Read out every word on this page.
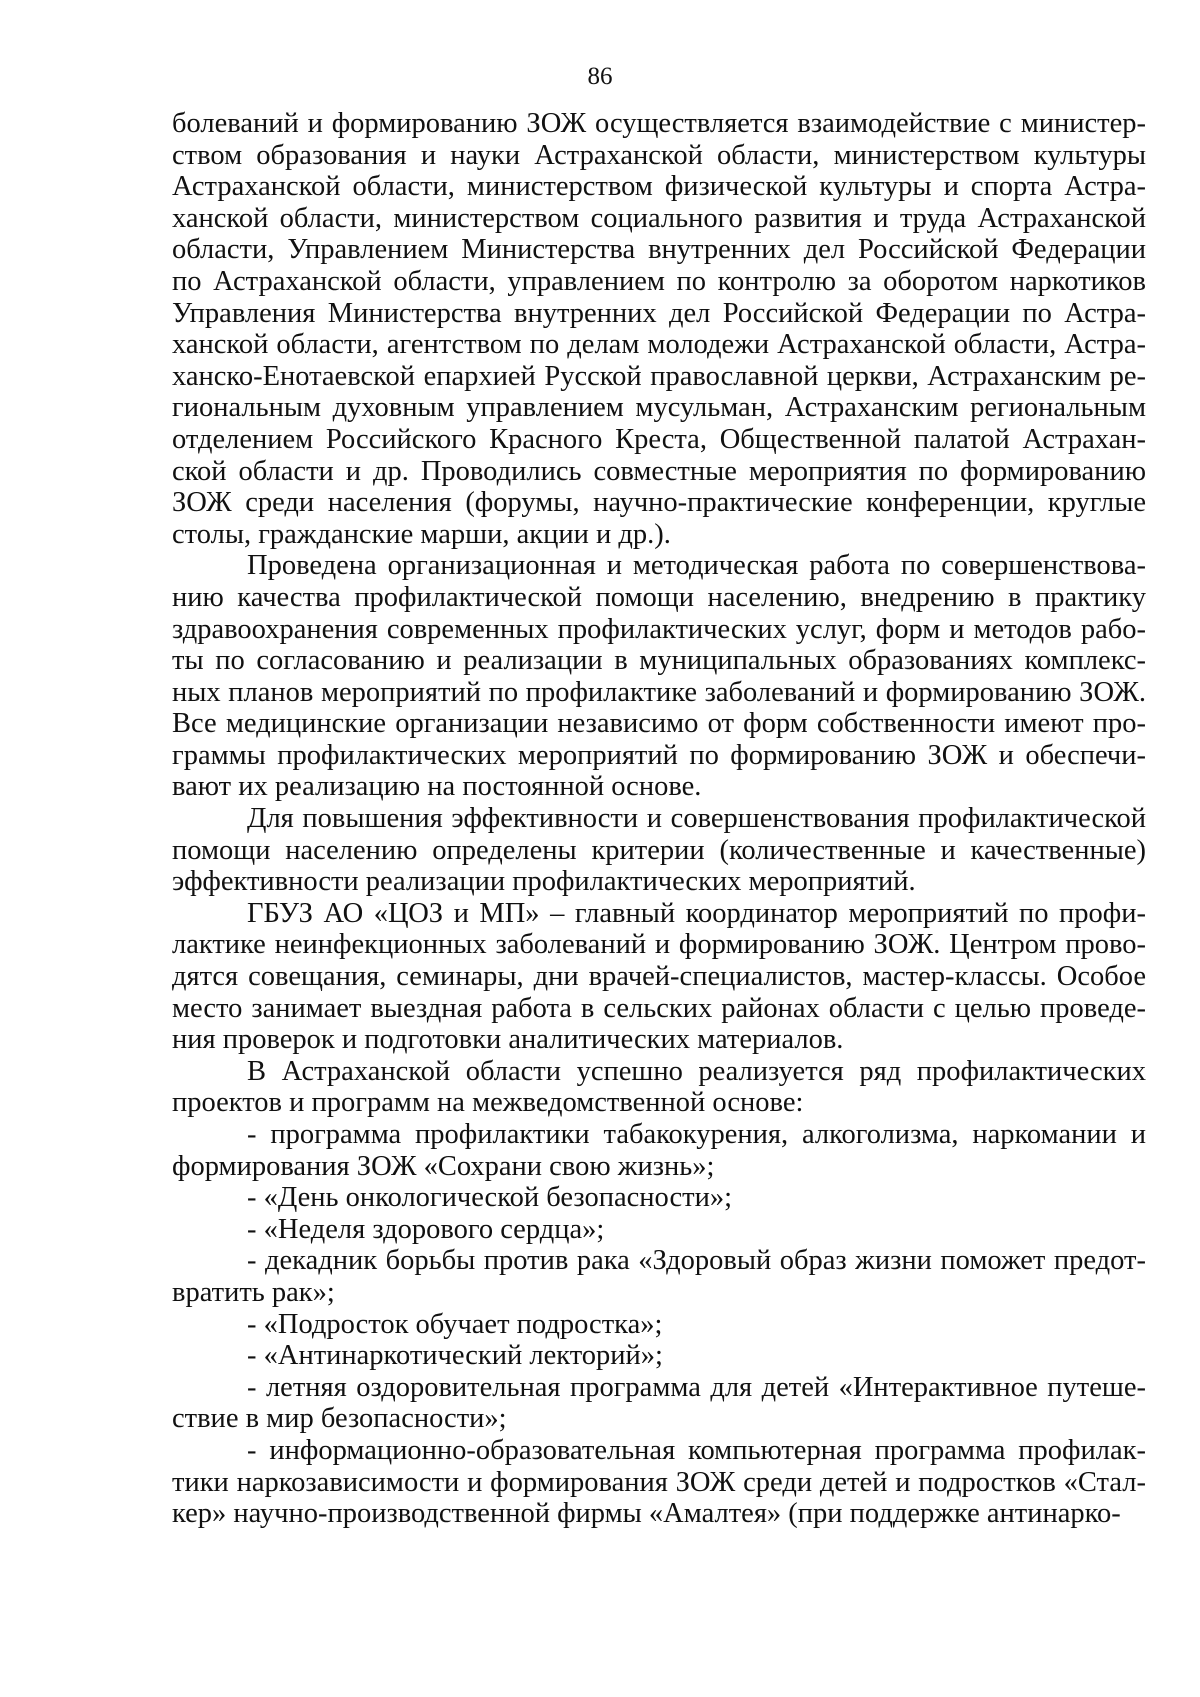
86

болеваний и формированию ЗОЖ осуществляется взаимодействие с министерством образования и науки Астраханской области, министерством культуры Астраханской области, министерством физической культуры и спорта Астраханской области, министерством социального развития и труда Астраханской области, Управлением Министерства внутренних дел Российской Федерации по Астраханской области, управлением по контролю за оборотом наркотиков Управления Министерства внутренних дел Российской Федерации по Астраханской области, агентством по делам молодежи Астраханской области, Астраханско-Енотаевской епархией Русской православной церкви, Астраханским региональным духовным управлением мусульман, Астраханским региональным отделением Российского Красного Креста, Общественной палатой Астраханской области и др. Проводились совместные мероприятия по формированию ЗОЖ среди населения (форумы, научно-практические конференции, круглые столы, гражданские марши, акции и др.).

Проведена организационная и методическая работа по совершенствованию качества профилактической помощи населению, внедрению в практику здравоохранения современных профилактических услуг, форм и методов работы по согласованию и реализации в муниципальных образованиях комплексных планов мероприятий по профилактике заболеваний и формированию ЗОЖ. Все медицинские организации независимо от форм собственности имеют программы профилактических мероприятий по формированию ЗОЖ и обеспечивают их реализацию на постоянной основе.

Для повышения эффективности и совершенствования профилактической помощи населению определены критерии (количественные и качественные) эффективности реализации профилактических мероприятий.

ГБУЗ АО «ЦОЗ и МП» – главный координатор мероприятий по профилактике неинфекционных заболеваний и формированию ЗОЖ. Центром проводятся совещания, семинары, дни врачей-специалистов, мастер-классы. Особое место занимает выездная работа в сельских районах области с целью проведения проверок и подготовки аналитических материалов.

В Астраханской области успешно реализуется ряд профилактических проектов и программ на межведомственной основе:

- программа профилактики табакокурения, алкоголизма, наркомании и формирования ЗОЖ «Сохрани свою жизнь»;

- «День онкологической безопасности»;

- «Неделя здорового сердца»;

- декадник борьбы против рака «Здоровый образ жизни поможет предотвратить рак»;

- «Подросток обучает подростка»;

- «Антинаркотический лекторий»;

- летняя оздоровительная программа для детей «Интерактивное путешествие в мир безопасности»;

- информационно-образовательная компьютерная программа профилактики наркозависимости и формирования ЗОЖ среди детей и подростков «Сталкер» научно-производственной фирмы «Амалтея» (при поддержке антинарко-
